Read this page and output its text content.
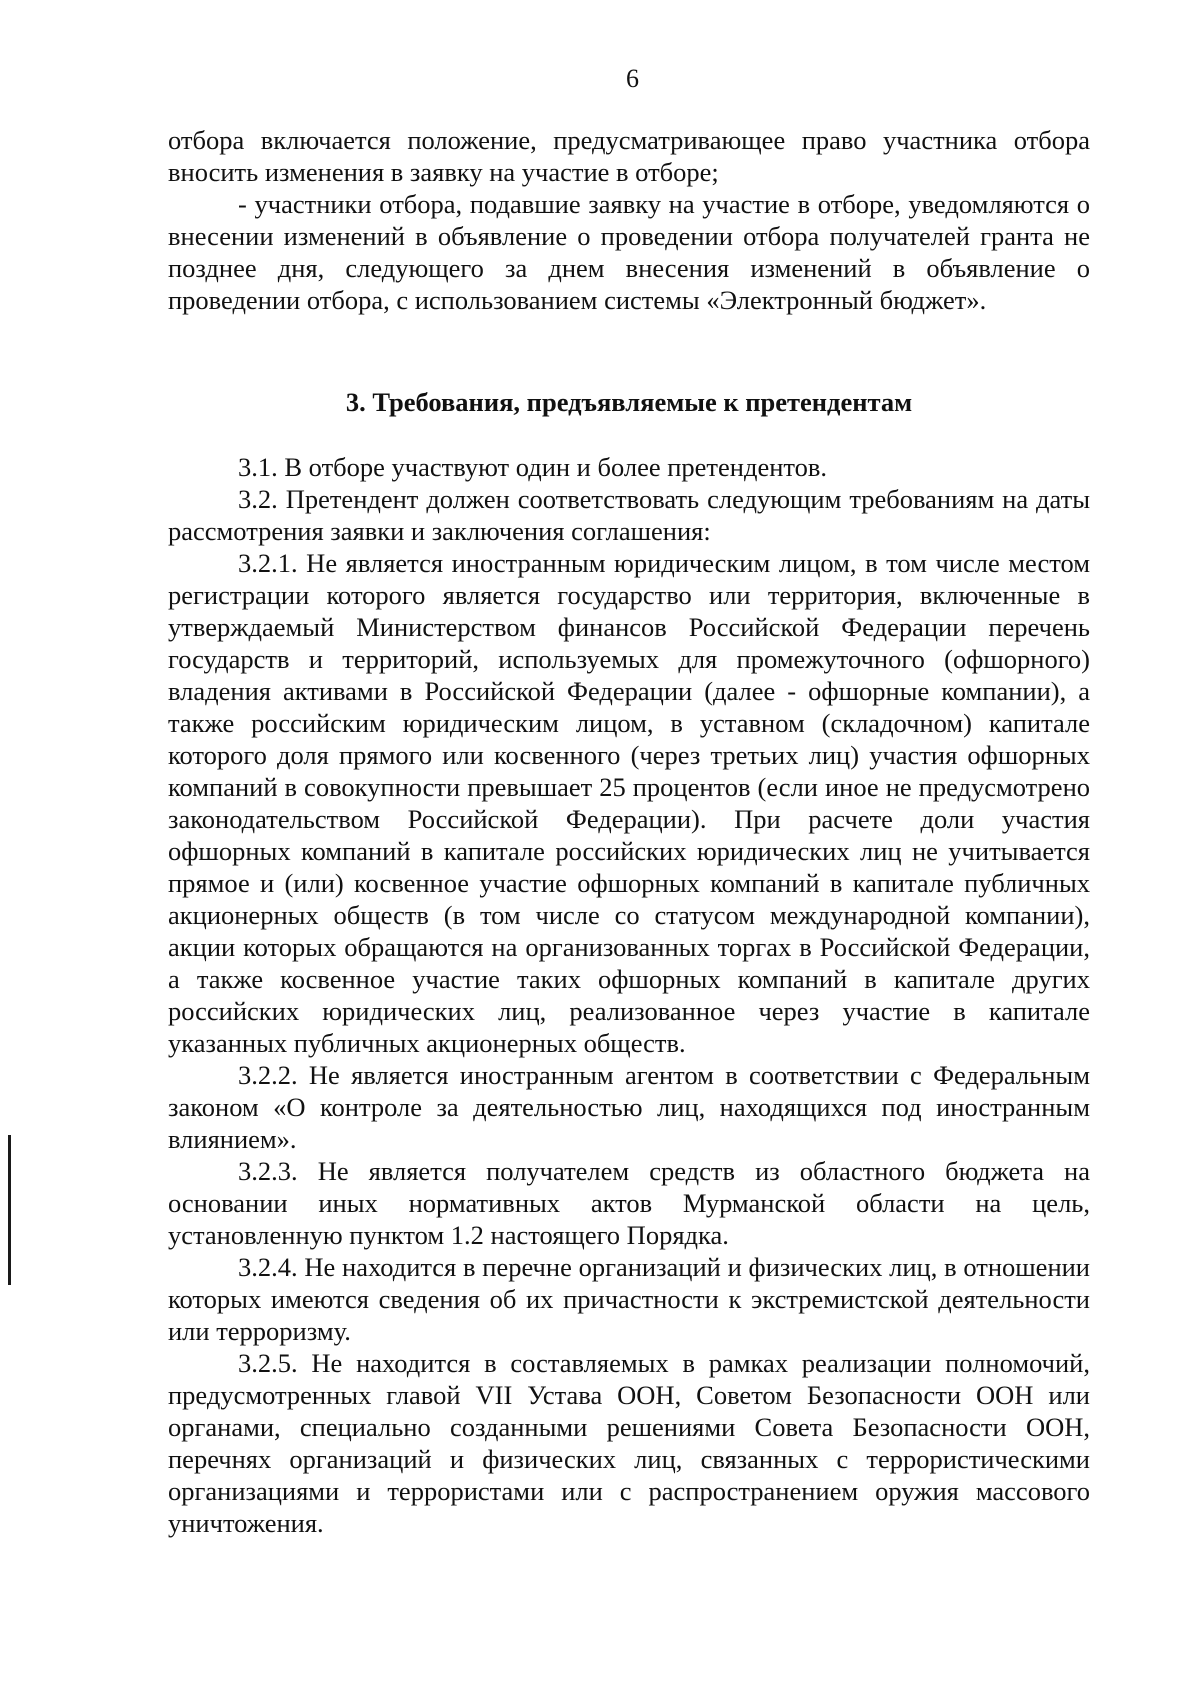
6

отбора включается положение, предусматривающее право участника отбора вносить изменения в заявку на участие в отборе;

- участники отбора, подавшие заявку на участие в отборе, уведомляются о внесении изменений в объявление о проведении отбора получателей гранта не позднее дня, следующего за днем внесения изменений в объявление о проведении отбора, с использованием системы «Электронный бюджет».

3. Требования, предъявляемые к претендентам

3.1. В отборе участвуют один и более претендентов.

3.2. Претендент должен соответствовать следующим требованиям на даты рассмотрения заявки и заключения соглашения:

3.2.1. Не является иностранным юридическим лицом, в том числе местом регистрации которого является государство или территория, включенные в утверждаемый Министерством финансов Российской Федерации перечень государств и территорий, используемых для промежуточного (офшорного) владения активами в Российской Федерации (далее - офшорные компании), а также российским юридическим лицом, в уставном (складочном) капитале которого доля прямого или косвенного (через третьих лиц) участия офшорных компаний в совокупности превышает 25 процентов (если иное не предусмотрено законодательством Российской Федерации). При расчете доли участия офшорных компаний в капитале российских юридических лиц не учитывается прямое и (или) косвенное участие офшорных компаний в капитале публичных акционерных обществ (в том числе со статусом международной компании), акции которых обращаются на организованных торгах в Российской Федерации, а также косвенное участие таких офшорных компаний в капитале других российских юридических лиц, реализованное через участие в капитале указанных публичных акционерных обществ.

3.2.2. Не является иностранным агентом в соответствии с Федеральным законом «О контроле за деятельностью лиц, находящихся под иностранным влиянием».

3.2.3. Не является получателем средств из областного бюджета на основании иных нормативных актов Мурманской области на цель, установленную пунктом 1.2 настоящего Порядка.

3.2.4. Не находится в перечне организаций и физических лиц, в отношении которых имеются сведения об их причастности к экстремистской деятельности или терроризму.

3.2.5. Не находится в составляемых в рамках реализации полномочий, предусмотренных главой VII Устава ООН, Советом Безопасности ООН или органами, специально созданными решениями Совета Безопасности ООН, перечнях организаций и физических лиц, связанных с террористическими организациями и террористами или с распространением оружия массового уничтожения.
